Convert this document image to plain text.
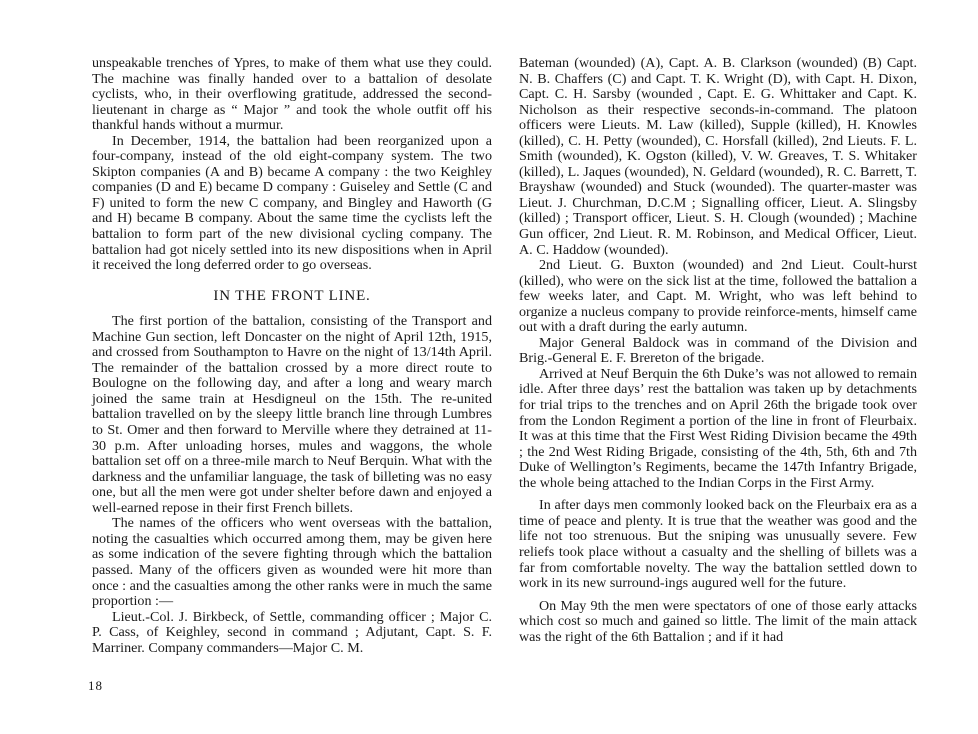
unspeakable trenches of Ypres, to make of them what use they could. The machine was finally handed over to a battalion of desolate cyclists, who, in their overflowing gratitude, addressed the second-lieutenant in charge as “ Major ” and took the whole outfit off his thankful hands without a murmur.

In December, 1914, the battalion had been reorganized upon a four-company, instead of the old eight-company system. The two Skipton companies (A and B) became A company : the two Keighley companies (D and E) became D company : Guiseley and Settle (C and F) united to form the new C company, and Bingley and Haworth (G and H) became B company. About the same time the cyclists left the battalion to form part of the new divisional cycling company. The battalion had got nicely settled into its new dispositions when in April it received the long deferred order to go overseas.

IN THE FRONT LINE.

The first portion of the battalion, consisting of the Transport and Machine Gun section, left Doncaster on the night of April 12th, 1915, and crossed from Southampton to Havre on the night of 13/14th April. The remainder of the battalion crossed by a more direct route to Boulogne on the following day, and after a long and weary march joined the same train at Hesdigneul on the 15th. The re-united battalion travelled on by the sleepy little branch line through Lumbres to St. Omer and then forward to Merville where they detrained at 11-30 p.m. After unloading horses, mules and waggons, the whole battalion set off on a three-mile march to Neuf Berquin. What with the darkness and the unfamiliar language, the task of billeting was no easy one, but all the men were got under shelter before dawn and enjoyed a well-earned repose in their first French billets.

The names of the officers who went overseas with the battalion, noting the casualties which occurred among them, may be given here as some indication of the severe fighting through which the battalion passed. Many of the officers given as wounded were hit more than once : and the casualties among the other ranks were in much the same proportion :—

Lieut.-Col. J. Birkbeck, of Settle, commanding officer ; Major C. P. Cass, of Keighley, second in command ; Adjutant, Capt. S. F. Marriner. Company commanders—Major C. M.

18

Bateman (wounded) (A), Capt. A. B. Clarkson (wounded) (B) Capt. N. B. Chaffers (C) and Capt. T. K. Wright (D), with Capt. H. Dixon, Capt. C. H. Sarsby (wounded , Capt. E. G. Whittaker and Capt. K. Nicholson as their respective seconds-in-command. The platoon officers were Lieuts. M. Law (killed), Supple (killed), H. Knowles (killed), C. H. Petty (wounded), C. Horsfall (killed), 2nd Lieuts. F. L. Smith (wounded), K. Ogston (killed), V. W. Greaves, T. S. Whitaker (killed), L. Jaques (wounded), N. Geldard (wounded), R. C. Barrett, T. Brayshaw (wounded) and Stuck (wounded). The quarter-master was Lieut. J. Churchman, D.C.M ; Signalling officer, Lieut. A. Slingsby (killed) ; Transport officer, Lieut. S. H. Clough (wounded) ; Machine Gun officer, 2nd Lieut. R. M. Robinson, and Medical Officer, Lieut. A. C. Haddow (wounded).

2nd Lieut. G. Buxton (wounded) and 2nd Lieut. Coult-hurst (killed), who were on the sick list at the time, followed the battalion a few weeks later, and Capt. M. Wright, who was left behind to organize a nucleus company to provide reinforce-ments, himself came out with a draft during the early autumn.

Major General Baldock was in command of the Division and Brig.-General E. F. Brereton of the brigade.

Arrived at Neuf Berquin the 6th Duke’s was not allowed to remain idle. After three days’ rest the battalion was taken up by detachments for trial trips to the trenches and on April 26th the brigade took over from the London Regiment a portion of the line in front of Fleurbaix. It was at this time that the First West Riding Division became the 49th ; the 2nd West Riding Brigade, consisting of the 4th, 5th, 6th and 7th Duke of Wellington’s Regiments, became the 147th Infantry Brigade, the whole being attached to the Indian Corps in the First Army.

In after days men commonly looked back on the Fleurbaix era as a time of peace and plenty. It is true that the weather was good and the life not too strenuous. But the sniping was unusually severe. Few reliefs took place without a casualty and the shelling of billets was a far from comfortable novelty. The way the battalion settled down to work in its new surround-ings augured well for the future.

On May 9th the men were spectators of one of those early attacks which cost so much and gained so little. The limit of the main attack was the right of the 6th Battalion ; and if it had
